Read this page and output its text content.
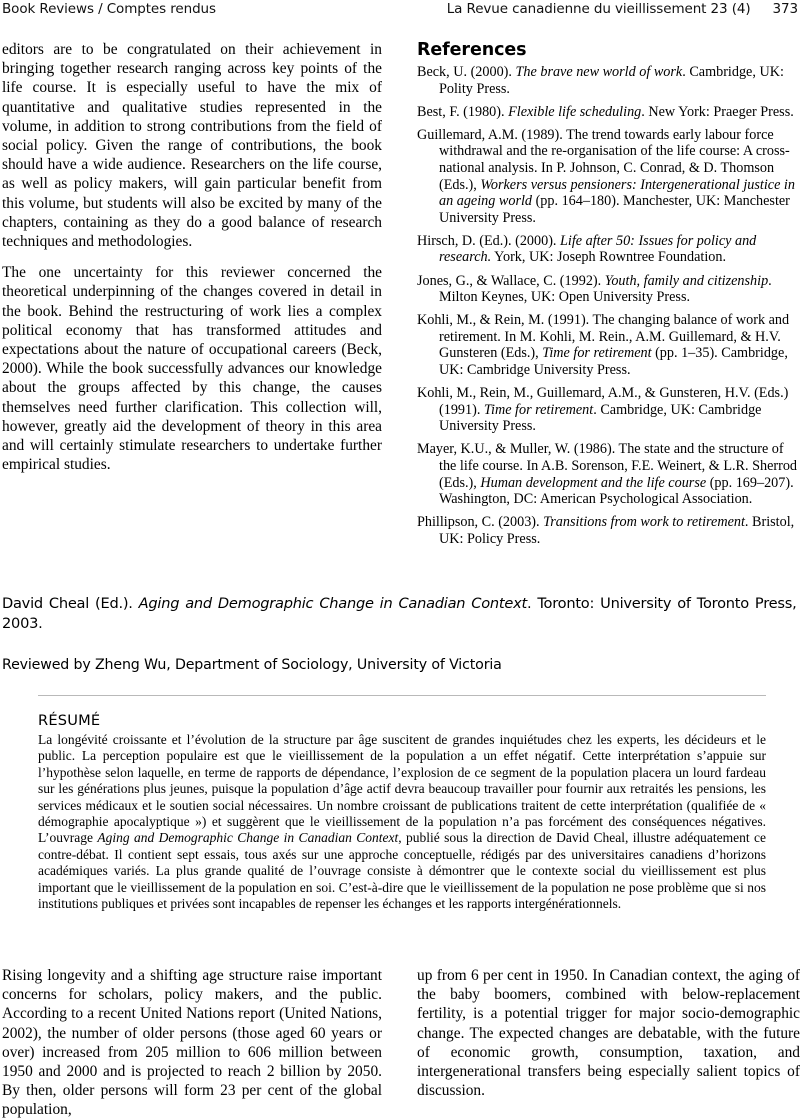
Book Reviews / Comptes rendus	La Revue canadienne du vieillissement 23 (4) 373

editors are to be congratulated on their achievement in bringing together research ranging across key points of the life course. It is especially useful to have the mix of quantitative and qualitative studies represented in the volume, in addition to strong contributions from the field of social policy. Given the range of contributions, the book should have a wide audience. Researchers on the life course, as well as policy makers, will gain particular benefit from this volume, but students will also be excited by many of the chapters, containing as they do a good balance of research techniques and methodologies.

The one uncertainty for this reviewer concerned the theoretical underpinning of the changes covered in detail in the book. Behind the restructuring of work lies a complex political economy that has transformed attitudes and expectations about the nature of occupational careers (Beck, 2000). While the book successfully advances our knowledge about the groups affected by this change, the causes themselves need further clarification. This collection will, however, greatly aid the development of theory in this area and will certainly stimulate researchers to undertake further empirical studies.

References

Beck, U. (2000). The brave new world of work. Cambridge, UK: Polity Press.

Best, F. (1980). Flexible life scheduling. New York: Praeger Press.

Guillemard, A.M. (1989). The trend towards early labour force withdrawal and the re-organisation of the life course: A cross-national analysis. In P. Johnson, C. Conrad, & D. Thomson (Eds.), Workers versus pensioners: Intergenerational justice in an ageing world (pp. 164–180). Manchester, UK: Manchester University Press.

Hirsch, D. (Ed.). (2000). Life after 50: Issues for policy and research. York, UK: Joseph Rowntree Foundation.

Jones, G., & Wallace, C. (1992). Youth, family and citizenship. Milton Keynes, UK: Open University Press.

Kohli, M., & Rein, M. (1991). The changing balance of work and retirement. In M. Kohli, M. Rein., A.M. Guillemard, & H.V. Gunsteren (Eds.), Time for retirement (pp. 1–35). Cambridge, UK: Cambridge University Press.

Kohli, M., Rein, M., Guillemard, A.M., & Gunsteren, H.V. (Eds.) (1991). Time for retirement. Cambridge, UK: Cambridge University Press.

Mayer, K.U., & Muller, W. (1986). The state and the structure of the life course. In A.B. Sorenson, F.E. Weinert, & L.R. Sherrod (Eds.), Human development and the life course (pp. 169–207). Washington, DC: American Psychological Association.

Phillipson, C. (2003). Transitions from work to retirement. Bristol, UK: Policy Press.

David Cheal (Ed.). Aging and Demographic Change in Canadian Context. Toronto: University of Toronto Press, 2003.
Reviewed by Zheng Wu, Department of Sociology, University of Victoria
RÉSUMÉ

La longévité croissante et l’évolution de la structure par âge suscitent de grandes inquiétudes chez les experts, les décideurs et le public. La perception populaire est que le vieillissement de la population a un effet négatif. Cette interprétation s’appuie sur l’hypothèse selon laquelle, en terme de rapports de dépendance, l’explosion de ce segment de la population placera un lourd fardeau sur les générations plus jeunes, puisque la population d’âge actif devra beaucoup travailler pour fournir aux retraités les pensions, les services médicaux et le soutien social nécessaires. Un nombre croissant de publications traitent de cette interprétation (qualifiée de « démographie apocalyptique ») et suggèrent que le vieillissement de la population n’a pas forcément des conséquences négatives. L’ouvrage Aging and Demographic Change in Canadian Context, publié sous la direction de David Cheal, illustre adéquatement ce contre-débat. Il contient sept essais, tous axés sur une approche conceptuelle, rédigés par des universitaires canadiens d’horizons académiques variés. La plus grande qualité de l’ouvrage consiste à démontrer que le contexte social du vieillissement est plus important que le vieillissement de la population en soi. C’est-à-dire que le vieillissement de la population ne pose problème que si nos institutions publiques et privées sont incapables de repenser les échanges et les rapports intergénérationnels.

Rising longevity and a shifting age structure raise important concerns for scholars, policy makers, and the public. According to a recent United Nations report (United Nations, 2002), the number of older persons (those aged 60 years or over) increased from 205 million to 606 million between 1950 and 2000 and is projected to reach 2 billion by 2050. By then, older persons will form 23 per cent of the global population,

up from 6 per cent in 1950. In Canadian context, the aging of the baby boomers, combined with below-replacement fertility, is a potential trigger for major socio-demographic change. The expected changes are debatable, with the future of economic growth, consumption, taxation, and intergenerational transfers being especially salient topics of discussion.
